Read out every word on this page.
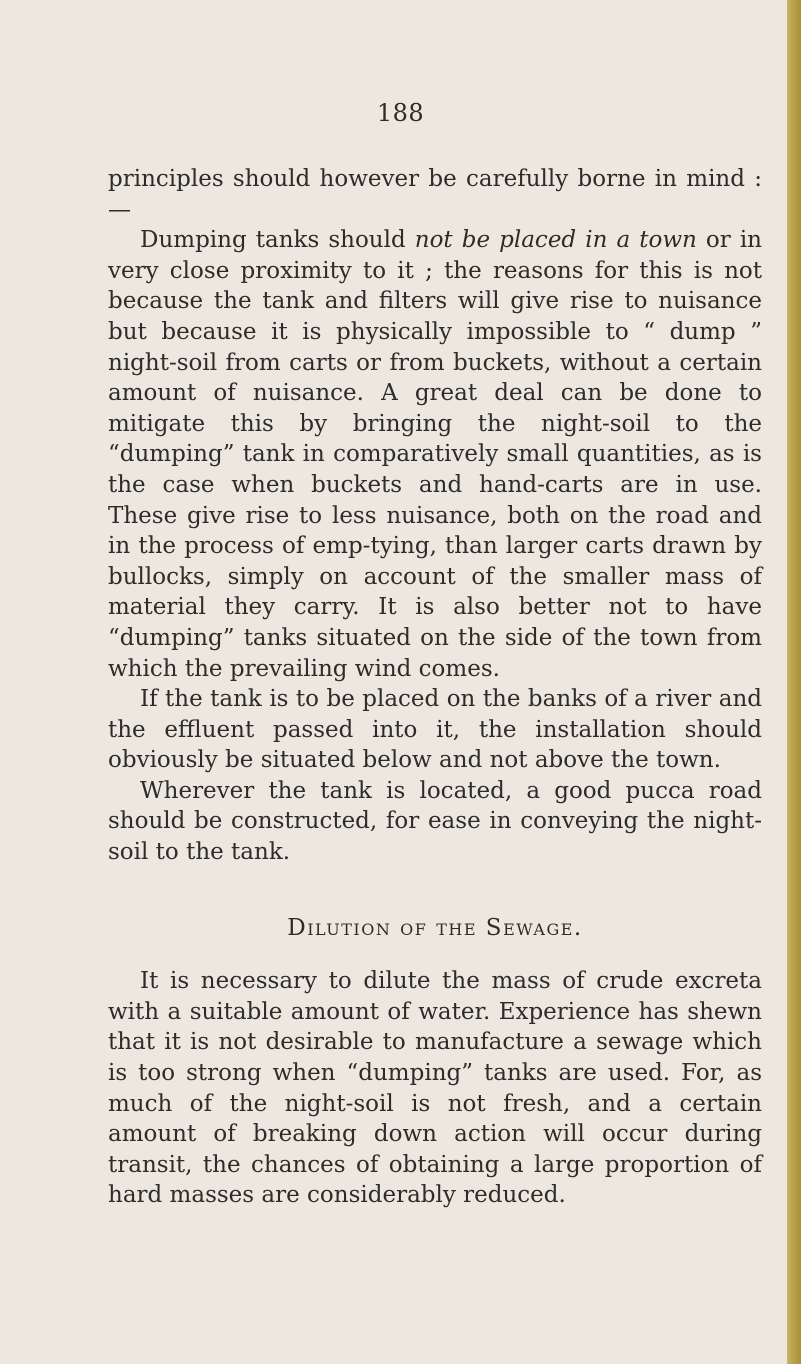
188

principles should however be carefully borne in mind :—

Dumping tanks should not be placed in a town or in very close proximity to it ; the reasons for this is not because the tank and filters will give rise to nuisance but because it is physically impossible to “ dump ” night-soil from carts or from buckets, without a certain amount of nuisance. A great deal can be done to mitigate this by bringing the night-soil to the “dumping” tank in comparatively small quantities, as is the case when buckets and hand-carts are in use. These give rise to less nuisance, both on the road and in the process of emp-tying, than larger carts drawn by bullocks, simply on account of the smaller mass of material they carry. It is also better not to have “dumping” tanks situated on the side of the town from which the prevailing wind comes.

If the tank is to be placed on the banks of a river and the effluent passed into it, the installation should obviously be situated below and not above the town.

Wherever the tank is located, a good pucca road should be constructed, for ease in conveying the night-soil to the tank.

Dilution of the Sewage.

It is necessary to dilute the mass of crude excreta with a suitable amount of water. Experience has shewn that it is not desirable to manufacture a sewage which is too strong when “dumping” tanks are used. For, as much of the night-soil is not fresh, and a certain amount of breaking down action will occur during transit, the chances of obtaining a large proportion of hard masses are considerably reduced.
